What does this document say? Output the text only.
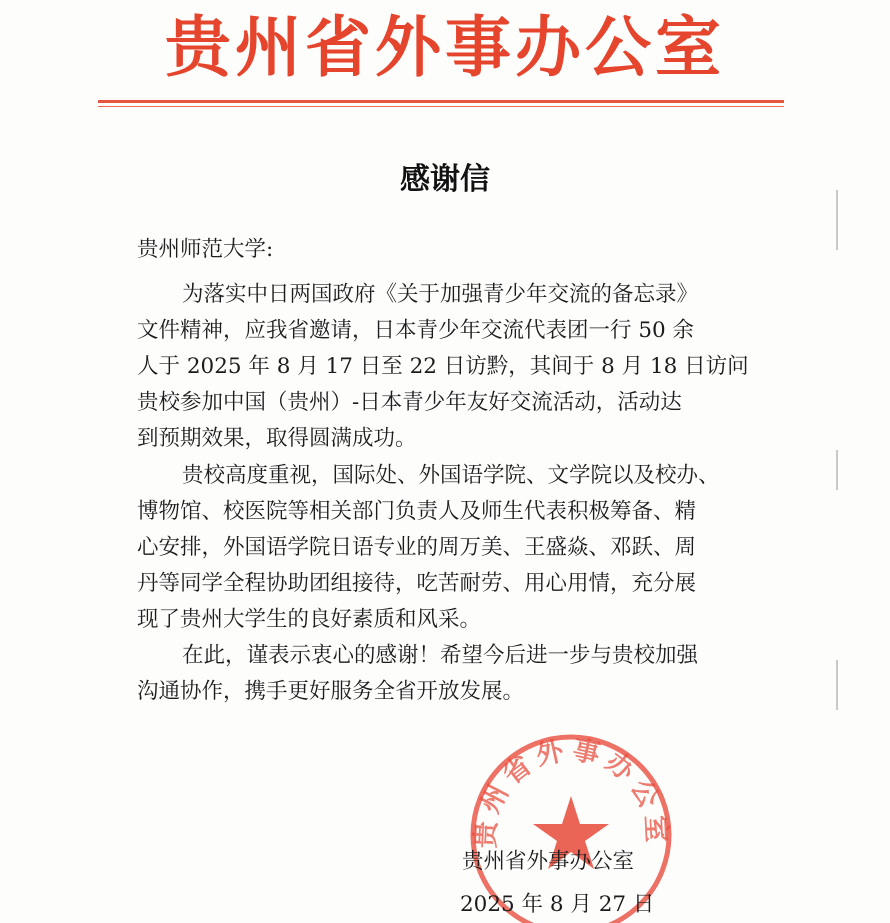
贵州省外事办公室
感谢信
贵州师范大学:
为落实中日两国政府《关于加强青少年交流的备忘录》
文件精神，应我省邀请，日本青少年交流代表团一行 50 余
人于 2025 年 8 月 17 日至 22 日访黔，其间于 8 月 18 日访问
贵校参加中国（贵州）-日本青少年友好交流活动，活动达
到预期效果，取得圆满成功。
贵校高度重视，国际处、外国语学院、文学院以及校办、
博物馆、校医院等相关部门负责人及师生代表积极筹备、精
心安排，外国语学院日语专业的周万美、王盛焱、邓跃、周
丹等同学全程协助团组接待，吃苦耐劳、用心用情，充分展
现了贵州大学生的良好素质和风采。
在此，谨表示衷心的感谢！希望今后进一步与贵校加强
沟通协作，携手更好服务全省开放发展。
贵州省外事办公室
贵州省外事办公室
2025 年 8 月 27 日
